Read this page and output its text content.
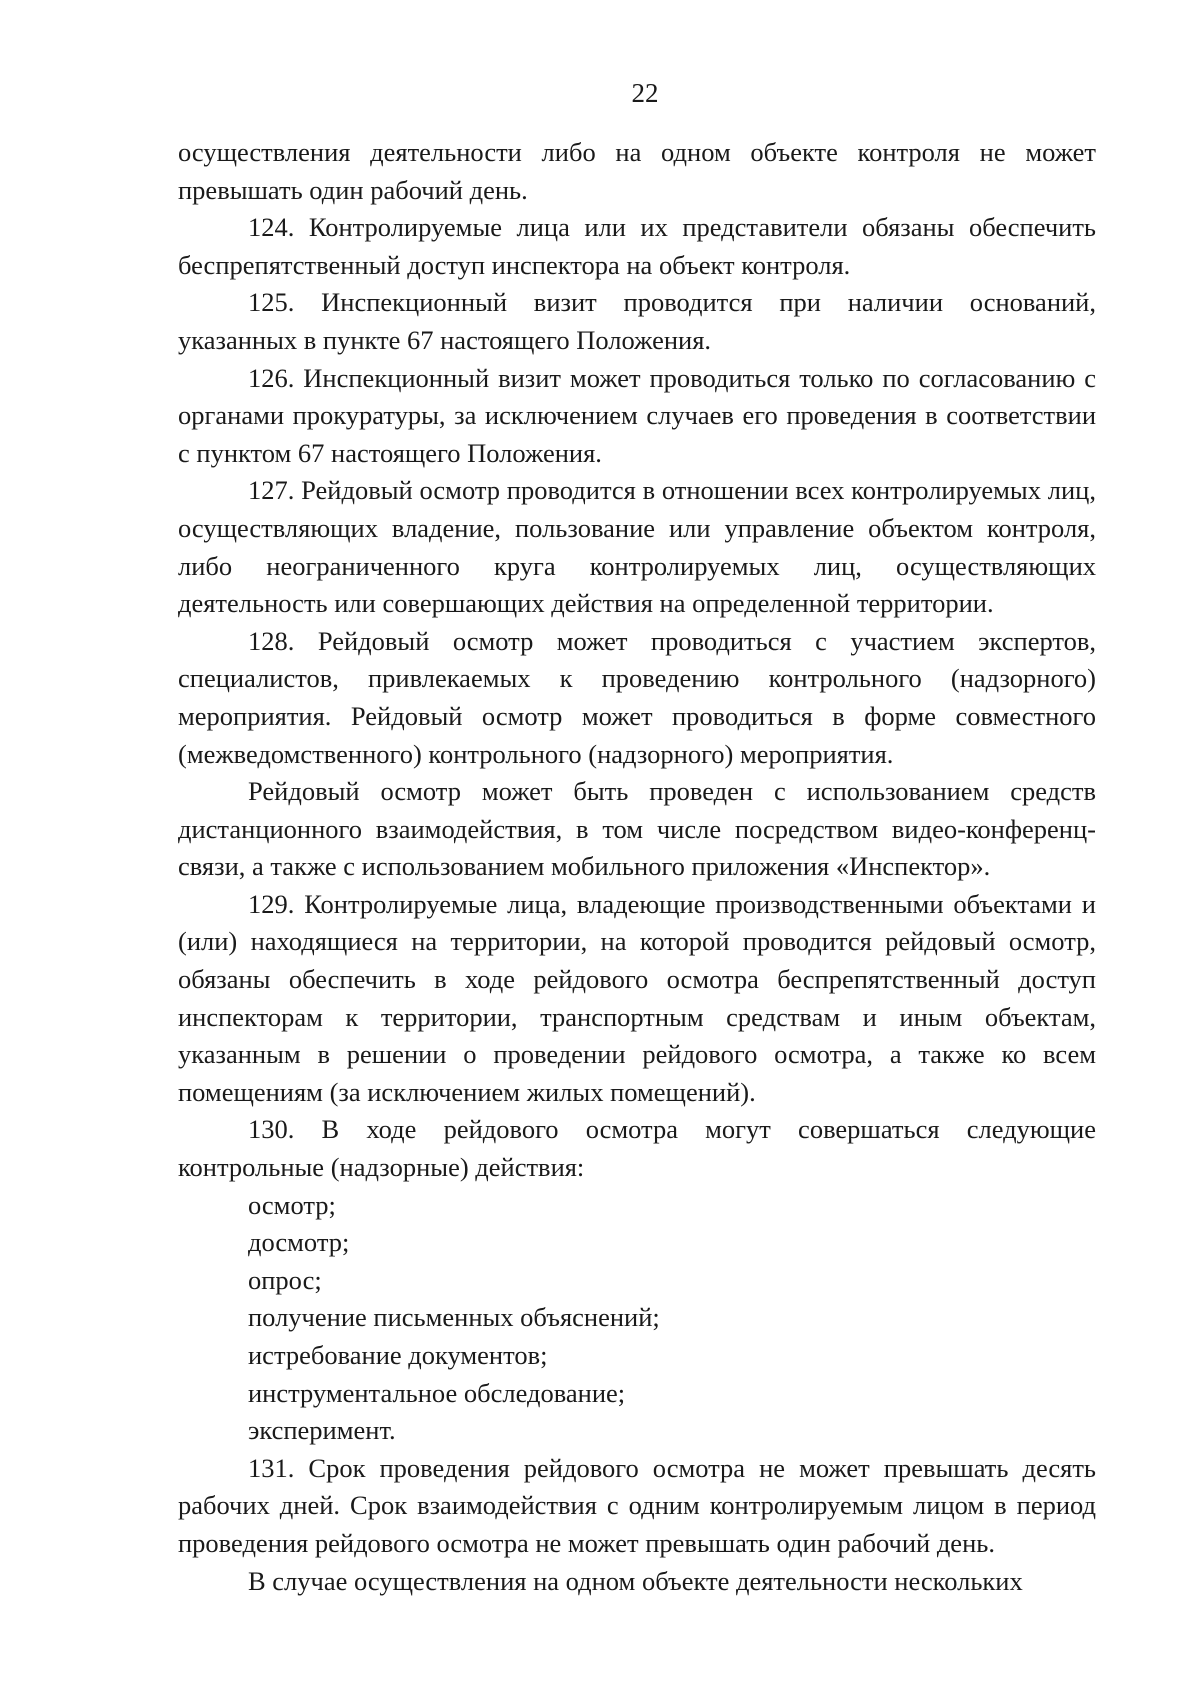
22

осуществления деятельности либо на одном объекте контроля не может превышать один рабочий день.

124. Контролируемые лица или их представители обязаны обеспечить беспрепятственный доступ инспектора на объект контроля.

125. Инспекционный визит проводится при наличии оснований, указанных в пункте 67 настоящего Положения.

126. Инспекционный визит может проводиться только по согласованию с органами прокуратуры, за исключением случаев его проведения в соответствии с пунктом 67 настоящего Положения.

127. Рейдовый осмотр проводится в отношении всех контролируемых лиц, осуществляющих владение, пользование или управление объектом контроля, либо неограниченного круга контролируемых лиц, осуществляющих деятельность или совершающих действия на определенной территории.

128. Рейдовый осмотр может проводиться с участием экспертов, специалистов, привлекаемых к проведению контрольного (надзорного) мероприятия. Рейдовый осмотр может проводиться в форме совместного (межведомственного) контрольного (надзорного) мероприятия.

Рейдовый осмотр может быть проведен с использованием средств дистанционного взаимодействия, в том числе посредством видео-конференц-связи, а также с использованием мобильного приложения «Инспектор».

129. Контролируемые лица, владеющие производственными объектами и (или) находящиеся на территории, на которой проводится рейдовый осмотр, обязаны обеспечить в ходе рейдового осмотра беспрепятственный доступ инспекторам к территории, транспортным средствам и иным объектам, указанным в решении о проведении рейдового осмотра, а также ко всем помещениям (за исключением жилых помещений).

130. В ходе рейдового осмотра могут совершаться следующие контрольные (надзорные) действия:

осмотр;
досмотр;
опрос;
получение письменных объяснений;
истребование документов;
инструментальное обследование;
эксперимент.

131. Срок проведения рейдового осмотра не может превышать десять рабочих дней. Срок взаимодействия с одним контролируемым лицом в период проведения рейдового осмотра не может превышать один рабочий день.

В случае осуществления на одном объекте деятельности нескольких
